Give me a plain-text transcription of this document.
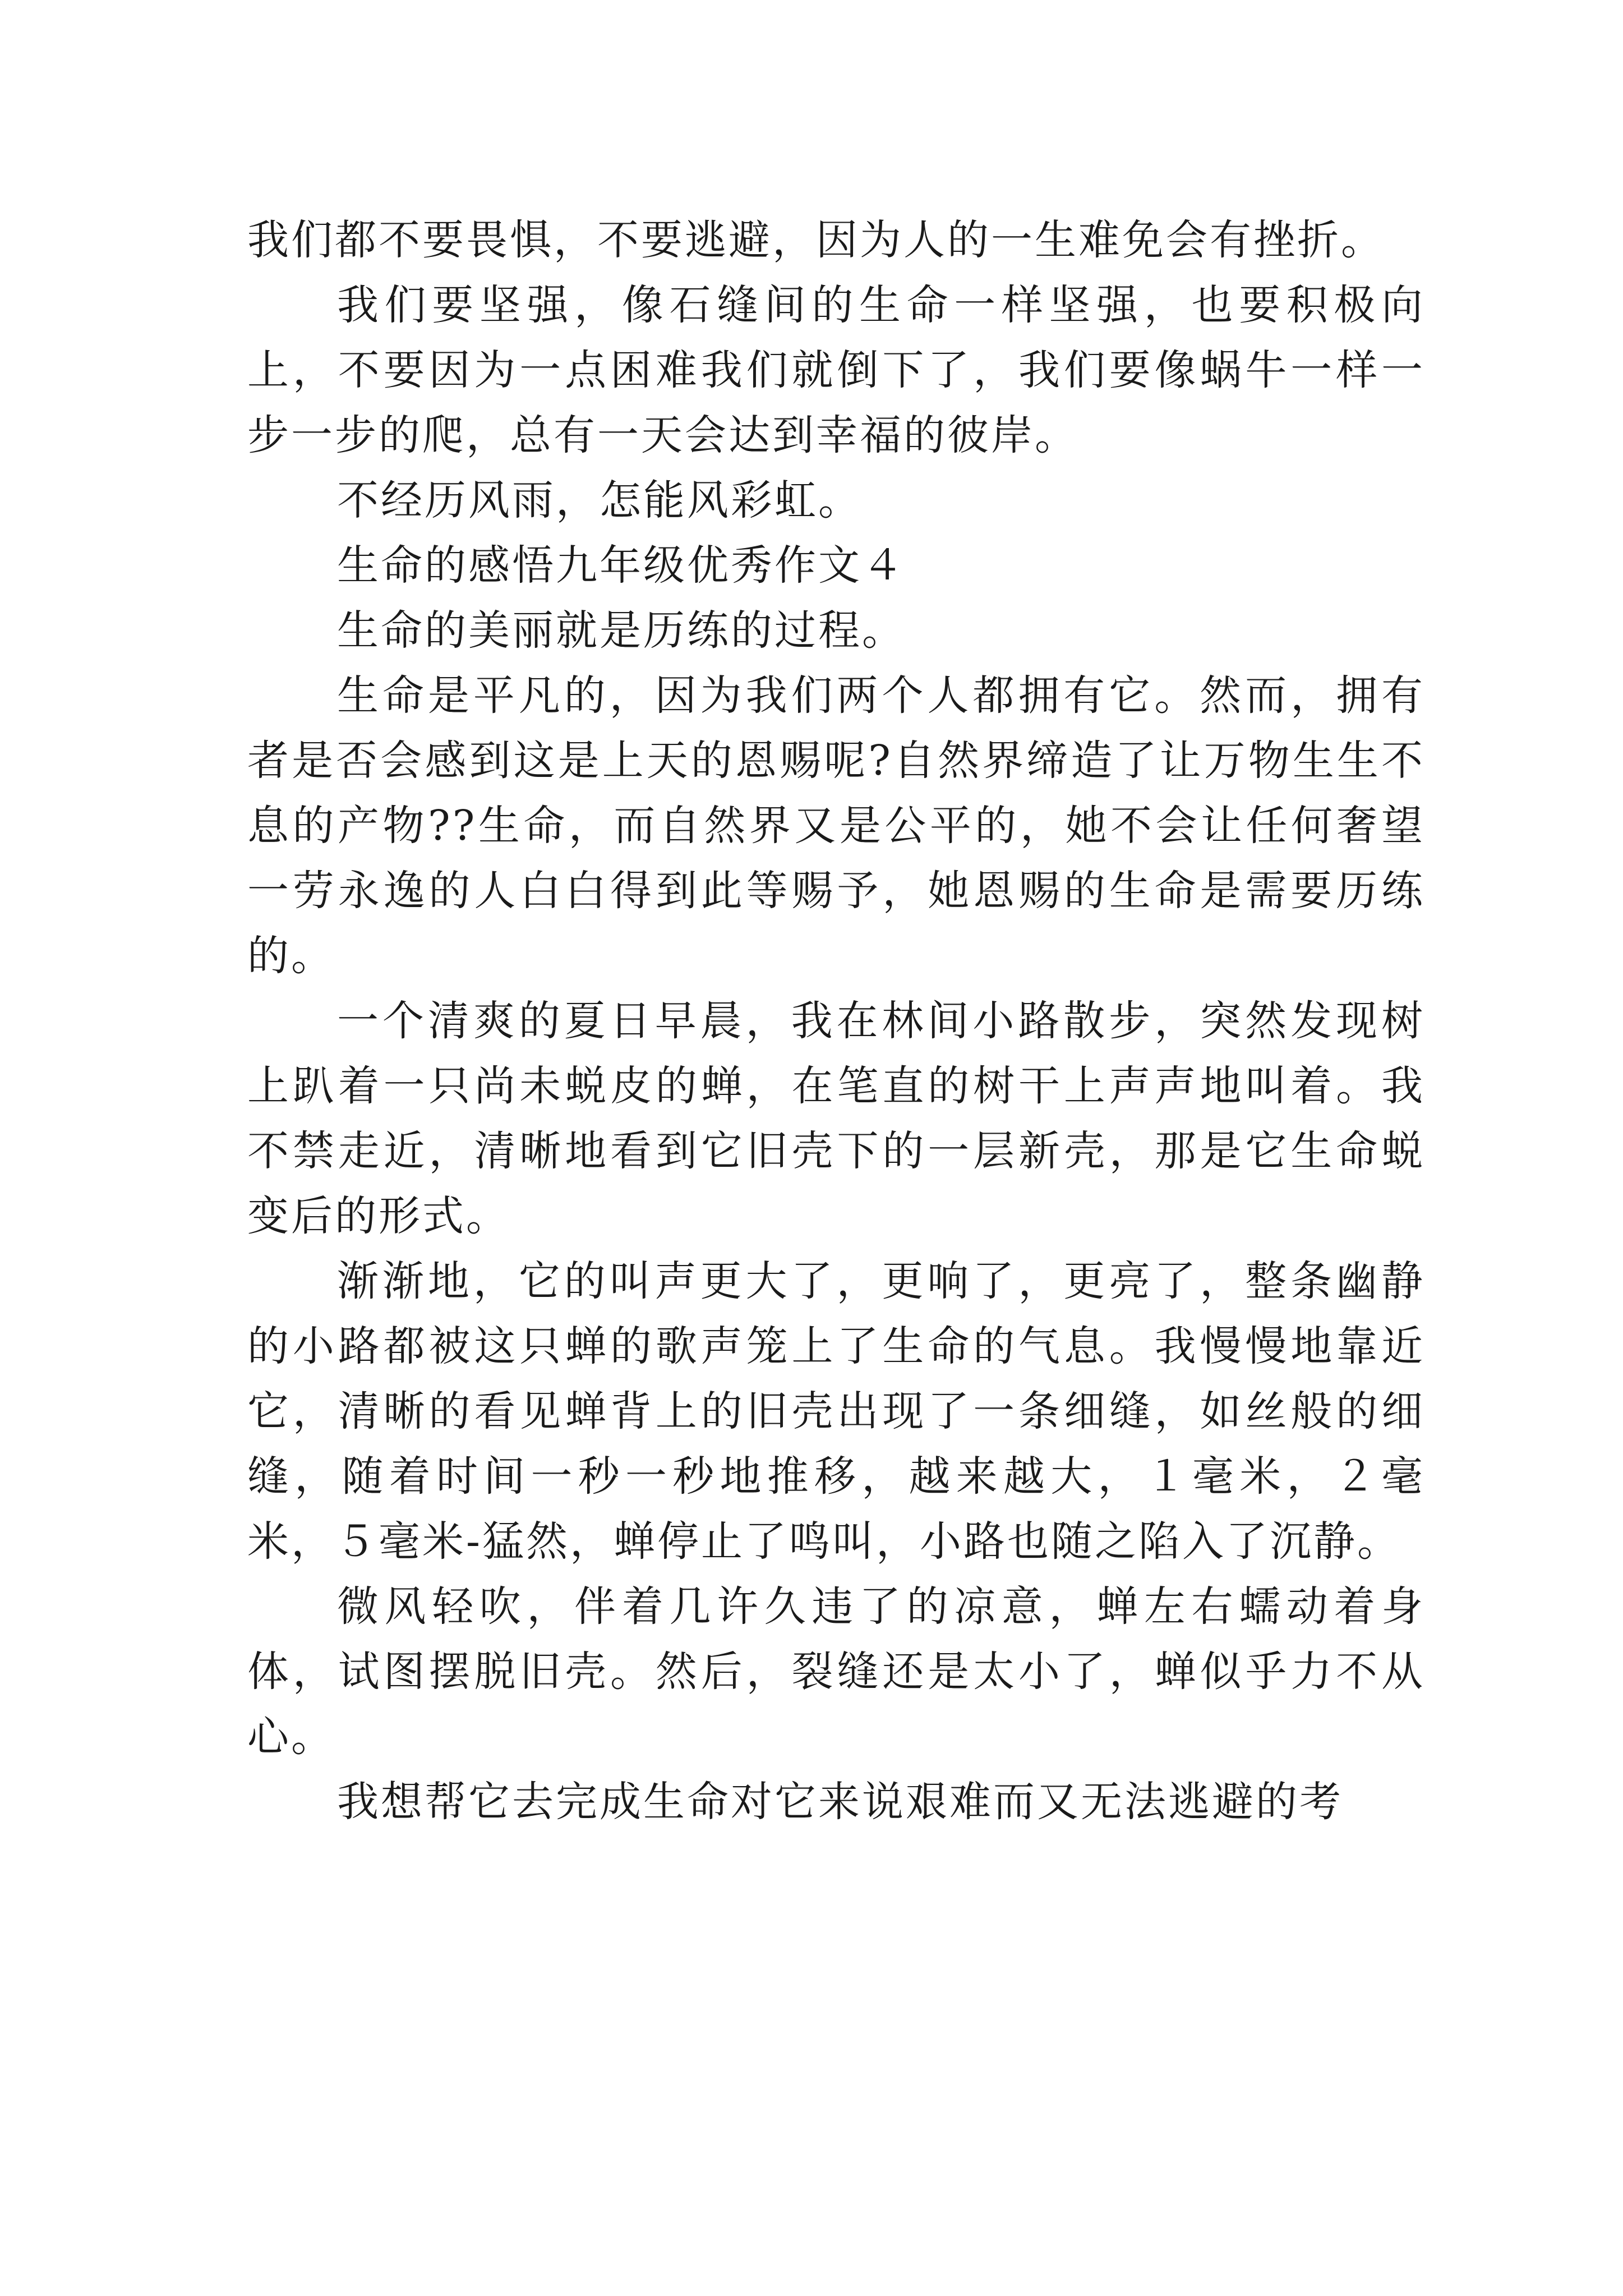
我们都不要畏惧，不要逃避，因为人的一生难免会有挫折。

我们要坚强，像石缝间的生命一样坚强，也要积极向上，不要因为一点困难我们就倒下了，我们要像蜗牛一样一步一步的爬，总有一天会达到幸福的彼岸。

不经历风雨，怎能风彩虹。

生命的感悟九年级优秀作文４

生命的美丽就是历练的过程。

生命是平凡的，因为我们两个人都拥有它。然而，拥有者是否会感到这是上天的恩赐呢?自然界缔造了让万物生生不息的产物??生命，而自然界又是公平的，她不会让任何奢望一劳永逸的人白白得到此等赐予，她恩赐的生命是需要历练的。

一个清爽的夏日早晨，我在林间小路散步，突然发现树上趴着一只尚未蜕皮的蝉，在笔直的树干上声声地叫着。我不禁走近，清晰地看到它旧壳下的一层新壳，那是它生命蜕变后的形式。

渐渐地，它的叫声更大了，更响了，更亮了，整条幽静的小路都被这只蝉的歌声笼上了生命的气息。我慢慢地靠近它，清晰的看见蝉背上的旧壳出现了一条细缝，如丝般的细缝，随着时间一秒一秒地推移，越来越大，１毫米，２毫米，５毫米-猛然，蝉停止了鸣叫，小路也随之陷入了沉静。

微风轻吹，伴着几许久违了的凉意，蝉左右蠕动着身体，试图摆脱旧壳。然后，裂缝还是太小了，蝉似乎力不从心。

我想帮它去完成生命对它来说艰难而又无法逃避的考
